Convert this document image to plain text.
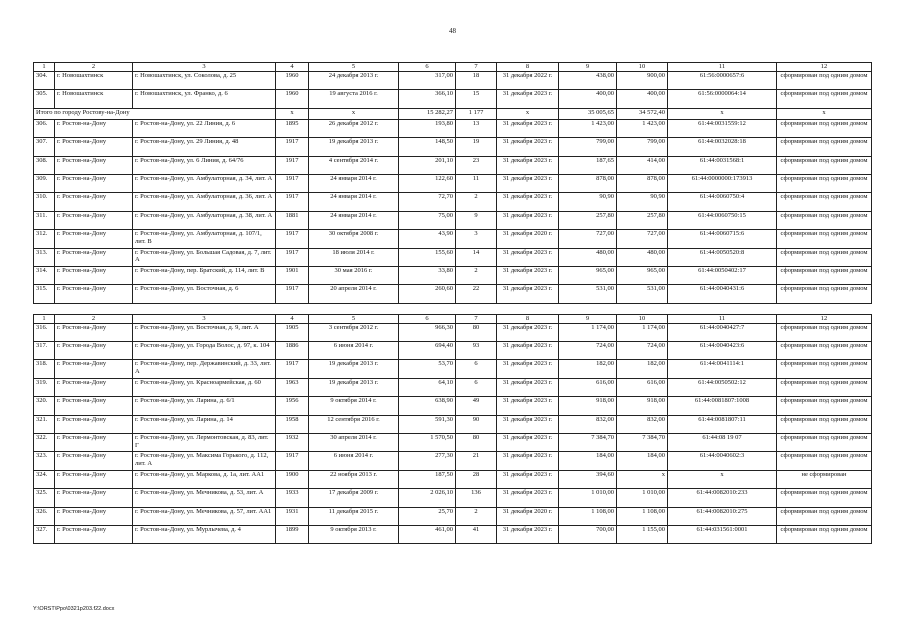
48
1	2	3	4	5	6	7	8	9	10	11	12
304.	г. Новошахтинск	г. Новошахтинск, ул. Соколова, д. 25	1960	24 декабря 2013 г.	317,00	18	31 декабря 2022 г.	438,00	900,00	61:56:0000657:6	сформирован под одним домом
305.	г. Новошахтинск	г. Новошахтинск, ул. Франко, д. 6	1960	19 августа 2016 г.	366,10	15	31 декабря 2023 г.	400,00	400,00	61:56:0000064:14	сформирован под одним домом
Итого по городу Ростову-на-Дону			х	х	15 282,27	1 177	х	35 005,65	34 572,40	х	х
306.	г. Ростов-на-Дону	г. Ростов-на-Дону, ул. 22 Линия, д. 6	1895	26 декабря 2012 г.	193,80	13	31 декабря 2023 г.	1 423,00	1 423,00	61:44:0031559:12	сформирован под одним домом
307.	г. Ростов-на-Дону	г. Ростов-на-Дону, ул. 29 Линия, д. 48	1917	19 декабря 2013 г.	148,50	19	31 декабря 2023 г.	799,00	799,00	61:44:0032028:18	сформирован под одним домом
308.	г. Ростов-на-Дону	г. Ростов-на-Дону, ул. 6 Линия, д. 64/76	1917	4 сентября 2014 г.	201,10	23	31 декабря 2023 г.	187,65	414,00	61:44:0031568:1	сформирован под одним домом
309.	г. Ростов-на-Дону	г. Ростов-на-Дону, ул. Амбулаторная, д. 34, лит. А	1917	24 января 2014 г.	122,60	11	31 декабря 2023 г.	878,00	878,00	61:44:0000000:173913	сформирован под одним домом
310.	г. Ростов-на-Дону	г. Ростов-на-Дону, ул. Амбулаторная, д. 36, лит. А	1917	24 января 2014 г.	72,70	2	31 декабря 2023 г.	90,90	90,90	61:44:0060750:4	сформирован под одним домом
311.	г. Ростов-на-Дону	г. Ростов-на-Дону, ул. Амбулаторная, д. 38, лит. А	1881	24 января 2014 г.	75,00	9	31 декабря 2023 г.	257,80	257,80	61:44:0060750:15	сформирован под одним домом
312.	г. Ростов-на-Дону	г. Ростов-на-Дону, ул. Амбулаторная, д. 107/1, лит. В	1917	30 октября 2008 г.	43,90	3	31 декабря 2020 г.	727,00	727,00	61:44:0060715:6	сформирован под одним домом
313.	г. Ростов-на-Дону	г. Ростов-на-Дону, ул. Большая Садовая, д. 7, лит. А	1917	18 июля 2014 г.	155,60	14	31 декабря 2023 г.	480,00	480,00	61:44:0050520:8	сформирован под одним домом
314.	г. Ростов-на-Дону	г. Ростов-на-Дону, пер. Братский, д. 114, лит. В	1901	30 мая 2016 г.	33,80	2	31 декабря 2023 г.	965,00	965,00	61:44:0050402:17	сформирован под одним домом
315.	г. Ростов-на-Дону	г. Ростов-на-Дону, ул. Восточная, д. 6	1917	20 апреля 2014 г.	260,60	22	31 декабря 2023 г.	531,00	531,00	61:44:0040431:6	сформирован под одним домом

1	2	3	4	5	6	7	8	9	10	11	12
316.	г. Ростов-на-Дону	г. Ростов-на-Дону, ул. Восточная, д. 9, лит. А	1905	3 сентября 2012 г.	966,30	80	31 декабря 2023 г.	1 174,00	1 174,00	61:44:0040427:7	сформирован под одним домом
317.	г. Ростов-на-Дону	г. Ростов-на-Дону, ул. Города Волос, д. 97, к. 104	1886	6 июня 2014 г.	694,40	93	31 декабря 2023 г.	724,00	724,00	61:44:0040423:6	сформирован под одним домом
318.	г. Ростов-на-Дону	г. Ростов-на-Дону, пер. Державинский, д. 33, лит. А	1917	19 декабря 2013 г.	53,70	6	31 декабря 2023 г.	182,00	182,00	61:44:0041114:1	сформирован под одним домом
319.	г. Ростов-на-Дону	г. Ростов-на-Дону, ул. Красноармейская, д. 60	1963	19 декабря 2013 г.	64,10	6	31 декабря 2023 г.	616,00	616,00	61:44:0050502:12	сформирован под одним домом
320.	г. Ростов-на-Дону	г. Ростов-на-Дону, ул. Ларина, д. 6/1	1956	9 октября 2014 г.	638,90	49	31 декабря 2023 г.	918,00	918,00	61:44:0081807:1008	сформирован под одним домом
321.	г. Ростов-на-Дону	г. Ростов-на-Дону, ул. Ларина, д. 14	1958	12 сентября 2016 г.	591,30	90	31 декабря 2023 г.	832,00	832,00	61:44:0081807:11	сформирован под одним домом
322.	г. Ростов-на-Дону	г. Ростов-на-Дону, ул. Лермонтовская, д. 83, лит. Г	1932	30 апреля 2014 г.	1 570,50	80	31 декабря 2023 г.	7 384,70	7 384,70	61:44:08 19 07	сформирован под одним домом
323.	г. Ростов-на-Дону	г. Ростов-на-Дону, ул. Максима Горького, д. 112, лит. А	1917	6 июня 2014 г.	277,30	21	31 декабря 2023 г.	184,00	184,00	61:44:0040602:3	сформирован под одним домом
324.	г. Ростов-на-Дону	г. Ростов-на-Дону, ул. Маркова, д. 1а, лит. АА1	1900	22 ноября 2013 г.	187,50	28	31 декабря 2023 г.	394,60	х	х	не сформирован
325.	г. Ростов-на-Дону	г. Ростов-на-Дону, ул. Мечникова, д. 53, лит. А	1933	17 декабря 2009 г.	2 026,10	136	31 декабря 2023 г.	1 010,00	1 010,00	61:44:0082010:233	сформирован под одним домом
326.	г. Ростов-на-Дону	г. Ростов-на-Дону, ул. Мечникова, д. 57, лит. АА1	1931	11 декабря 2015 г.	25,70	2	31 декабря 2020 г.	1 108,00	1 108,00	61:44:0082010:275	сформирован под одним домом
327.	г. Ростов-на-Дону	г. Ростов-на-Дону, ул. Мурлычева, д. 4	1899	9 октября 2013 г.	461,00	41	31 декабря 2023 г.	700,00	1 155,00	61:44:031561:0001	сформирован под одним домом
Y:\ORST\Ppo\0321p203.f22.docx
